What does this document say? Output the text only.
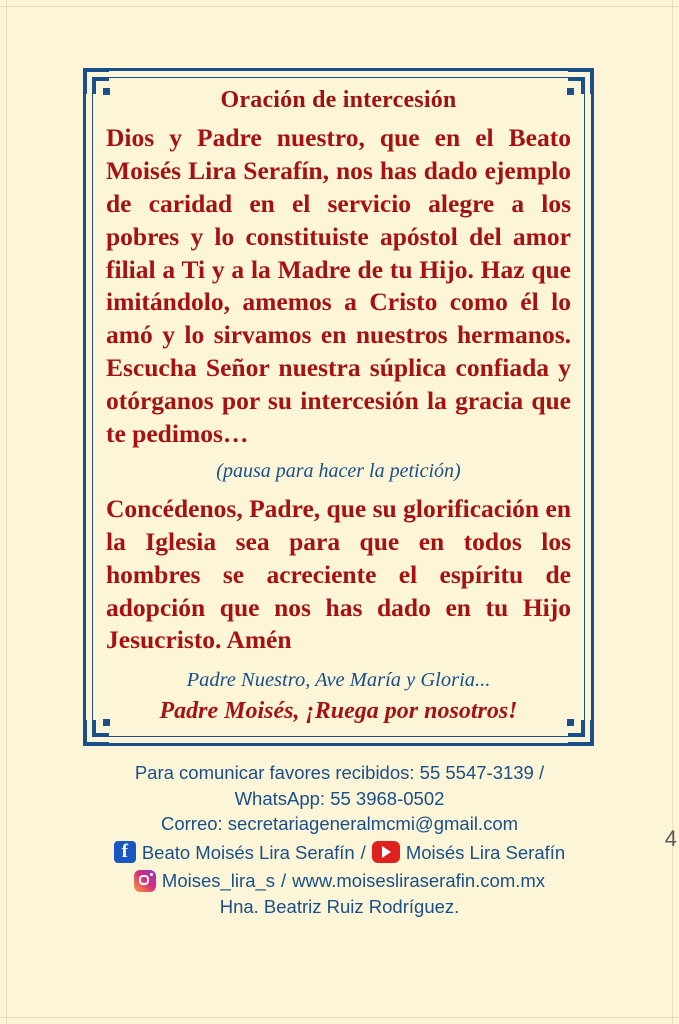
Oración de intercesión

Dios y Padre nuestro, que en el Beato Moisés Lira Serafín, nos has dado ejemplo de caridad en el servicio alegre a los pobres y lo constituiste apóstol del amor filial a Ti y a la Madre de tu Hijo. Haz que imitándolo, amemos a Cristo como él lo amó y lo sirvamos en nuestros hermanos. Escucha Señor nuestra súplica confiada y otórganos por su intercesión la gracia que te pedimos…

(pausa para hacer la petición)

Concédenos, Padre, que su glorificación en la Iglesia sea para que en todos los hombres se acreciente el espíritu de adopción que nos has dado en tu Hijo Jesucristo. Amén

Padre Nuestro, Ave María y Gloria...
Padre Moisés, ¡Ruega por nosotros!
Para comunicar favores recibidos: 55 5547-3139 /
WhatsApp: 55 3968-0502
Correo: secretariageneralmcmi@gmail.com
f
Beato Moisés Lira Serafín / Moisés Lira Serafín
Moises_lira_s / www.moisesliraserafin.com.mx
Hna. Beatriz Ruiz Rodríguez.
4
